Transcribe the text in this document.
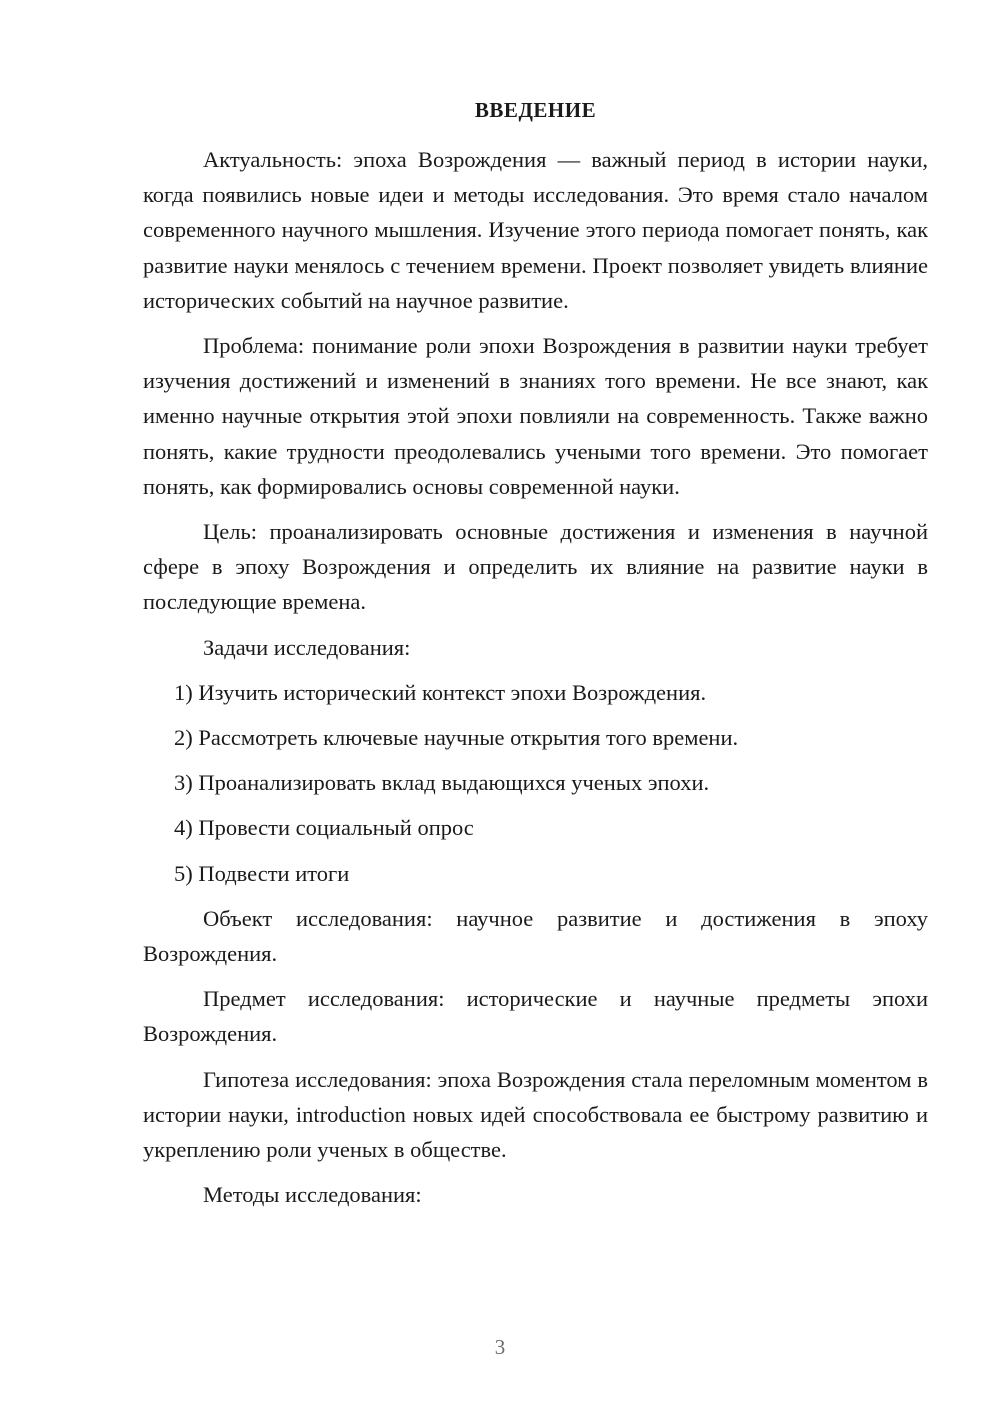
ВВЕДЕНИЕ

Актуальность: эпоха Возрождения — важный период в истории науки, когда появились новые идеи и методы исследования. Это время стало началом современного научного мышления. Изучение этого периода помогает понять, как развитие науки менялось с течением времени. Проект позволяет увидеть влияние исторических событий на научное развитие.

Проблема: понимание роли эпохи Возрождения в развитии науки требует изучения достижений и изменений в знаниях того времени. Не все знают, как именно научные открытия этой эпохи повлияли на современность. Также важно понять, какие трудности преодолевались учеными того времени. Это помогает понять, как формировались основы современной науки.

Цель: проанализировать основные достижения и изменения в научной сфере в эпоху Возрождения и определить их влияние на развитие науки в последующие времена.

Задачи исследования:

1) Изучить исторический контекст эпохи Возрождения.
2) Рассмотреть ключевые научные открытия того времени.
3) Проанализировать вклад выдающихся ученых эпохи.
4) Провести социальный опрос
5) Подвести итоги

Объект исследования: научное развитие и достижения в эпоху Возрождения.

Предмет исследования: исторические и научные предметы эпохи Возрождения.

Гипотеза исследования: эпоха Возрождения стала переломным моментом в истории науки, introduction новых идей способствовала ее быстрому развитию и укреплению роли ученых в обществе.

Методы исследования:

3
